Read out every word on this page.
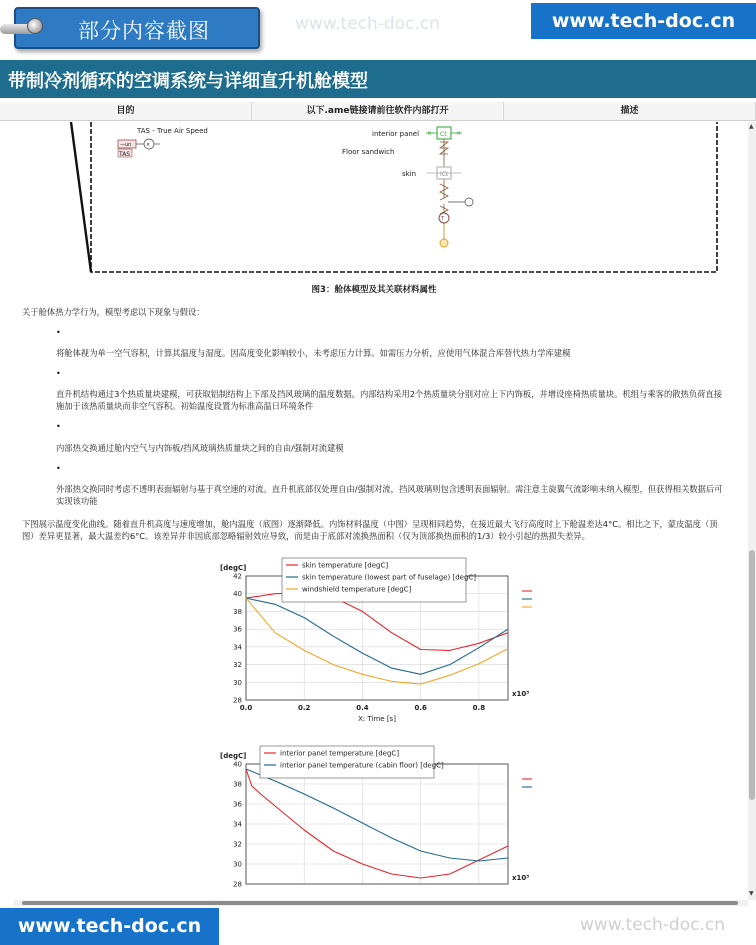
部分内容截图	www.tech-doc.cn	www.tech-doc.cn
带制冷剂循环的空调系统与详细直升机舱模型
目的	以下.ame链接请前往软件内部打开	描述
TAS - True Air Speed
—un	×
TAS
interior panel	Ct
×	×
Floor sandwich
skin	ICt
T
图3：舱体模型及其关联材料属性
关于舱体热力学行为，模型考虑以下现象与假设：
•
将舱体视为单一空气容积，计算其温度与湿度。因高度变化影响较小，未考虑压力计算。如需压力分析，应使用气体混合库替代热力学库建模
•
直升机结构通过3个热质量块建模，可获取铝制结构上下部及挡风玻璃的温度数据。内部结构采用2个热质量块分别对应上下内饰板，并增设座椅热质量块。机组与乘客的散热负荷直接施加于该热质量块而非空气容积。初始温度设置为标准高温日环境条件
•
内部热交换通过舱内空气与内饰板/挡风玻璃热质量块之间的自由/强制对流建模
•
外部热交换同时考虑不透明表面辐射与基于真空速的对流。直升机底部仅处理自由/强制对流，挡风玻璃则包含透明表面辐射。需注意主旋翼气流影响未纳入模型，但获得相关数据后可实现该功能
下图展示温度变化曲线。随着直升机高度与速度增加，舱内温度（底图）逐渐降低。内饰材料温度（中图）呈现相同趋势，在接近最大飞行高度时上下舱温差达4°C。相比之下，蒙皮温度（顶图）差异更显著，最大温差约6°C。该差异并非因底部忽略辐射效应导致，而是由于底部对流换热面积（仅为顶部换热面积的1/3）较小引起的热损失差异。
28
30
32
34
36
38
40
42
0.0	0.2	0.4	0.6	0.8
[degC]
x10³
X: Time [s]
skin temperature [degC]
skin temperature (lowest part of fuselage) [degC]
windshield temperature [degC]
28
30
32
34
36
38
40
[degC]
x10³
interior panel temperature [degC]
interior panel temperature (cabin floor) [degC]
▲
▼
www.tech-doc.cn	www.tech-doc.cn
